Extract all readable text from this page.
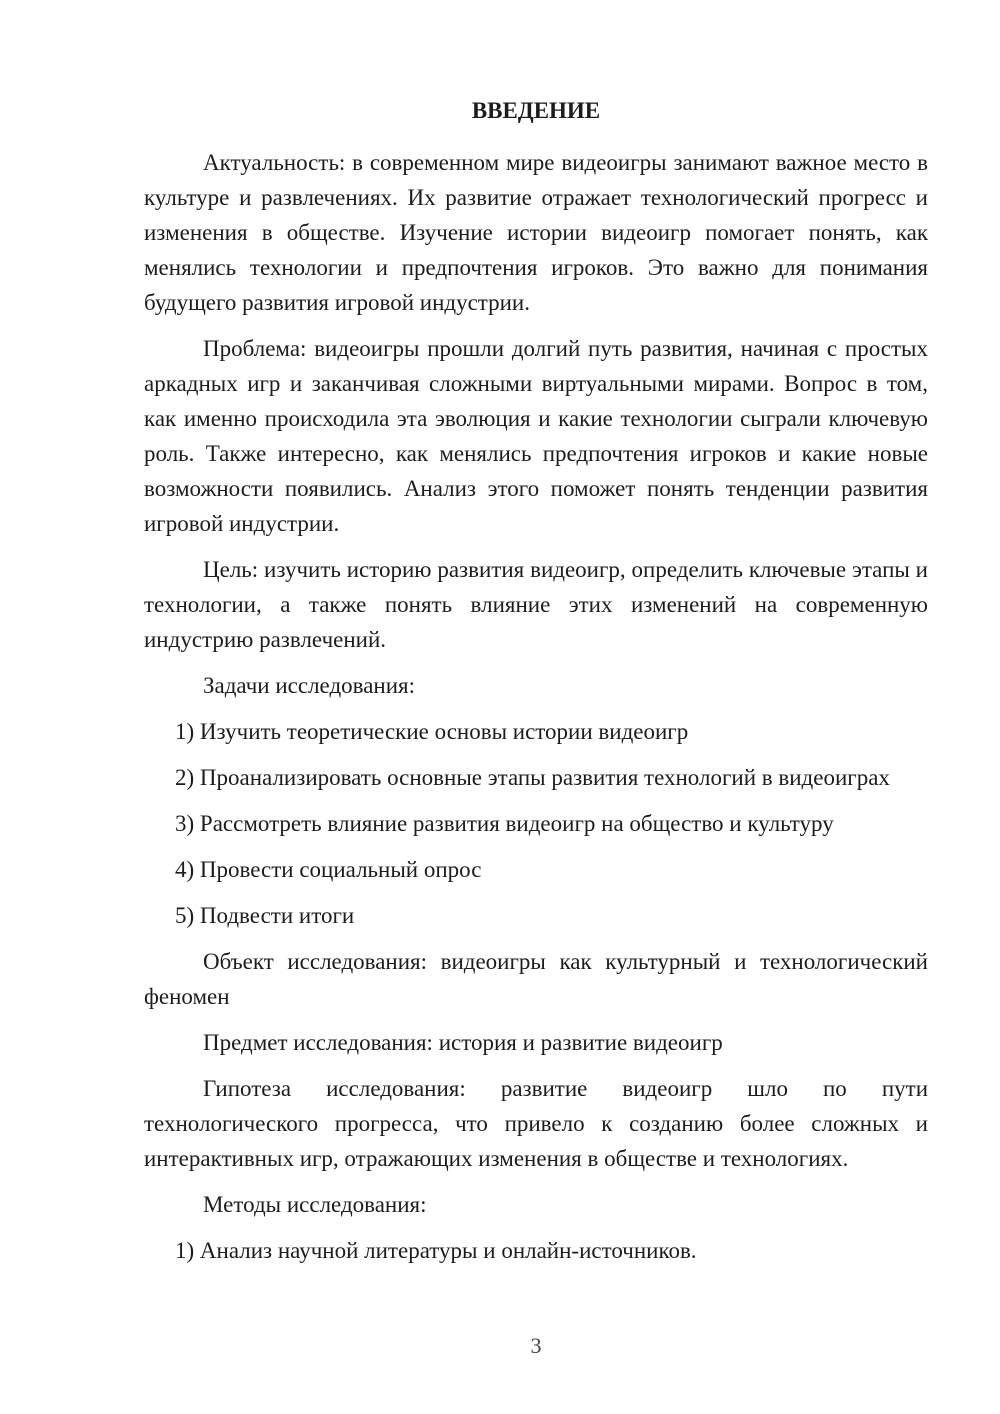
ВВЕДЕНИЕ

Актуальность: в современном мире видеоигры занимают важное место в культуре и развлечениях. Их развитие отражает технологический прогресс и изменения в обществе. Изучение истории видеоигр помогает понять, как менялись технологии и предпочтения игроков. Это важно для понимания будущего развития игровой индустрии.

Проблема: видеоигры прошли долгий путь развития, начиная с простых аркадных игр и заканчивая сложными виртуальными мирами. Вопрос в том, как именно происходила эта эволюция и какие технологии сыграли ключевую роль. Также интересно, как менялись предпочтения игроков и какие новые возможности появились. Анализ этого поможет понять тенденции развития игровой индустрии.

Цель: изучить историю развития видеоигр, определить ключевые этапы и технологии, а также понять влияние этих изменений на современную индустрию развлечений.

Задачи исследования:

1) Изучить теоретические основы истории видеоигр

2) Проанализировать основные этапы развития технологий в видеоиграх

3) Рассмотреть влияние развития видеоигр на общество и культуру

4) Провести социальный опрос

5) Подвести итоги

Объект исследования: видеоигры как культурный и технологический феномен

Предмет исследования: история и развитие видеоигр

Гипотеза исследования: развитие видеоигр шло по пути технологического прогресса, что привело к созданию более сложных и интерактивных игр, отражающих изменения в обществе и технологиях.

Методы исследования:

1) Анализ научной литературы и онлайн-источников.

3
